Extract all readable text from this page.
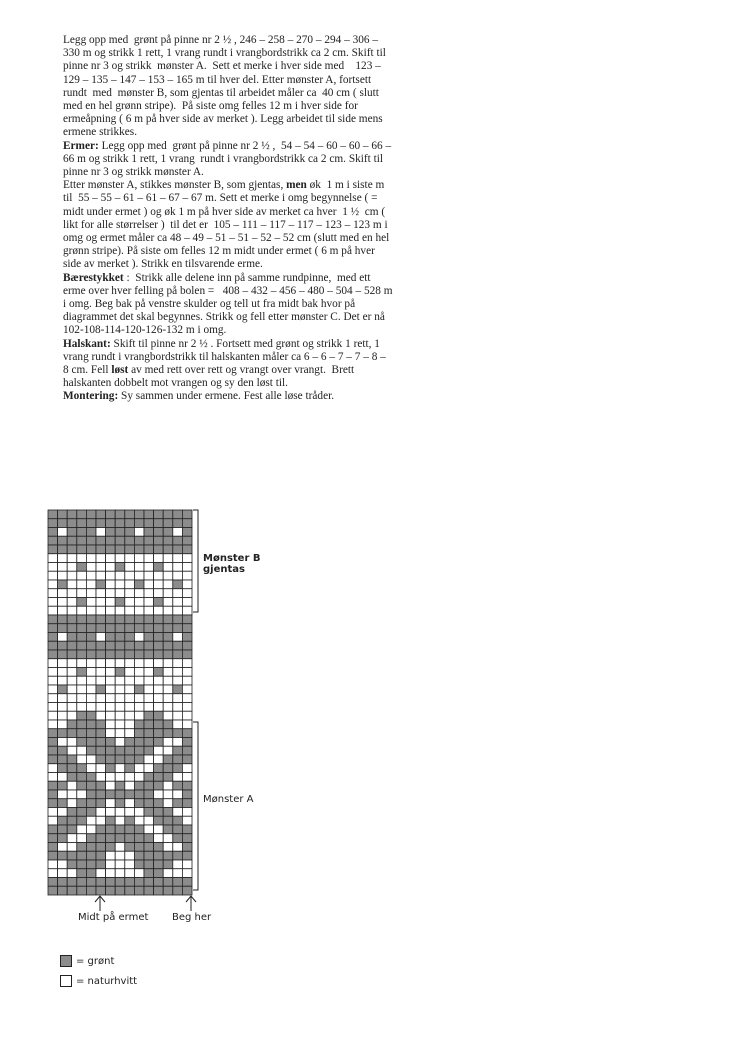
Legg opp med  grønt på pinne nr 2 ½ , 246 – 258 – 270 – 294 – 306 – 330 m og strikk 1 rett, 1 vrang rundt i vrangbordstrikk ca 2 cm. Skift til pinne nr 3 og strikk  mønster A.  Sett et merke i hver side med    123 – 129 – 135 – 147 – 153 – 165 m til hver del. Etter mønster A, fortsett rundt  med  mønster B, som gjentas til arbeidet måler ca  40 cm ( slutt med en hel grønn stripe).  På siste omg felles 12 m i hver side for ermeåpning ( 6 m på hver side av merket ). Legg arbeidet til side mens ermene strikkes.

Ermer: Legg opp med  grønt på pinne nr 2 ½ ,  54 – 54 – 60 – 60 – 66 – 66 m og strikk 1 rett, 1 vrang  rundt i vrangbordstrikk ca 2 cm. Skift til pinne nr 3 og strikk mønster A.

Etter mønster A, stikkes mønster B, som gjentas, men øk  1 m i siste m til  55 – 55 – 61 – 61 – 67 – 67 m. Sett et merke i omg begynnelse ( = midt under ermet ) og øk 1 m på hver side av merket ca hver  1 ½  cm ( likt for alle størrelser )  til det er  105 – 111 – 117 – 117 – 123 – 123 m i omg og ermet måler ca 48 – 49 – 51 – 51 – 52 – 52 cm (slutt med en hel grønn stripe). På siste om felles 12 m midt under ermet ( 6 m på hver side av merket ). Strikk en tilsvarende erme.

Bærestykket :  Strikk alle delene inn på samme rundpinne,  med ett erme over hver felling på bolen =   408 – 432 – 456 – 480 – 504 – 528 m i omg. Beg bak på venstre skulder og tell ut fra midt bak hvor på diagrammet det skal begynnes. Strikk og fell etter mønster C. Det er nå  102-108-114-120-126-132 m i omg.

Halskant: Skift til pinne nr 2 ½ . Fortsett med grønt og strikk 1 rett, 1 vrang rundt i vrangbordstrikk til halskanten måler ca 6 – 6 – 7 – 7 – 8 – 8 cm. Fell løst av med rett over rett og vrangt over vrangt.  Brett halskanten dobbelt mot vrangen og sy den løst til.

Montering: Sy sammen under ermene. Fest alle løse tråder.

Mønster B
gjentas
Mønster A
Midt på ermet Beg her
= grønt
= naturhvitt
